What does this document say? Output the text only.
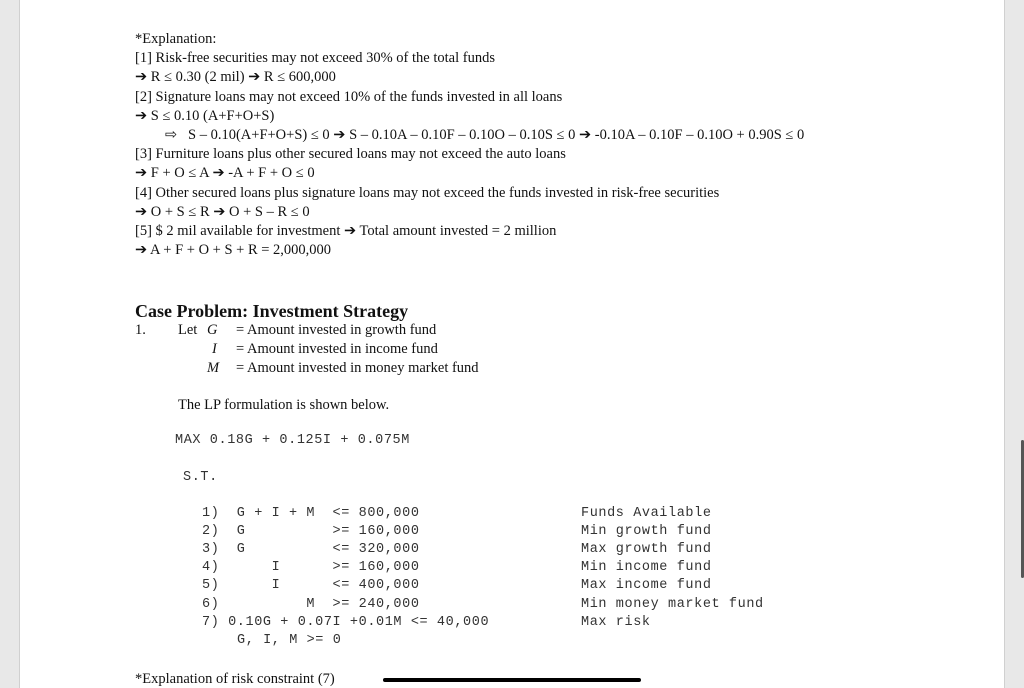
*Explanation:
[1] Risk-free securities may not exceed 30% of the total funds
➔ R ≤ 0.30 (2 mil) ➔ R ≤ 600,000
[2] Signature loans may not exceed 10% of the funds invested in all loans
➔ S ≤ 0.10 (A+F+O+S)
⇨   S – 0.10(A+F+O+S) ≤ 0 ➔ S – 0.10A – 0.10F – 0.10O – 0.10S ≤ 0 ➔ -0.10A – 0.10F – 0.10O + 0.90S ≤ 0
[3] Furniture loans plus other secured loans may not exceed the auto loans
➔ F + O ≤ A ➔ -A + F + O ≤ 0
[4] Other secured loans plus signature loans may not exceed the funds invested in risk-free securities
➔ O + S ≤ R ➔ O + S – R ≤ 0
[5] $ 2 mil available for investment ➔ Total amount invested = 2 million
➔ A + F + O + S + R = 2,000,000
Case Problem: Investment Strategy
1. Let G = Amount invested in growth fund
I = Amount invested in income fund
M = Amount invested in money market fund
The LP formulation is shown below.
MAX 0.18G + 0.125I + 0.075M
S.T.
1)  G + I + M  <= 800,000	Funds Available
2)  G          >= 160,000	Min growth fund
3)  G          <= 320,000	Max growth fund
4)      I      >= 160,000	Min income fund
5)      I      <= 400,000	Max income fund
6)          M  >= 240,000	Min money market fund
7) 0.10G + 0.07I +0.01M <= 40,000	Max risk
G, I, M >= 0
*Explanation of risk constraint (7)
